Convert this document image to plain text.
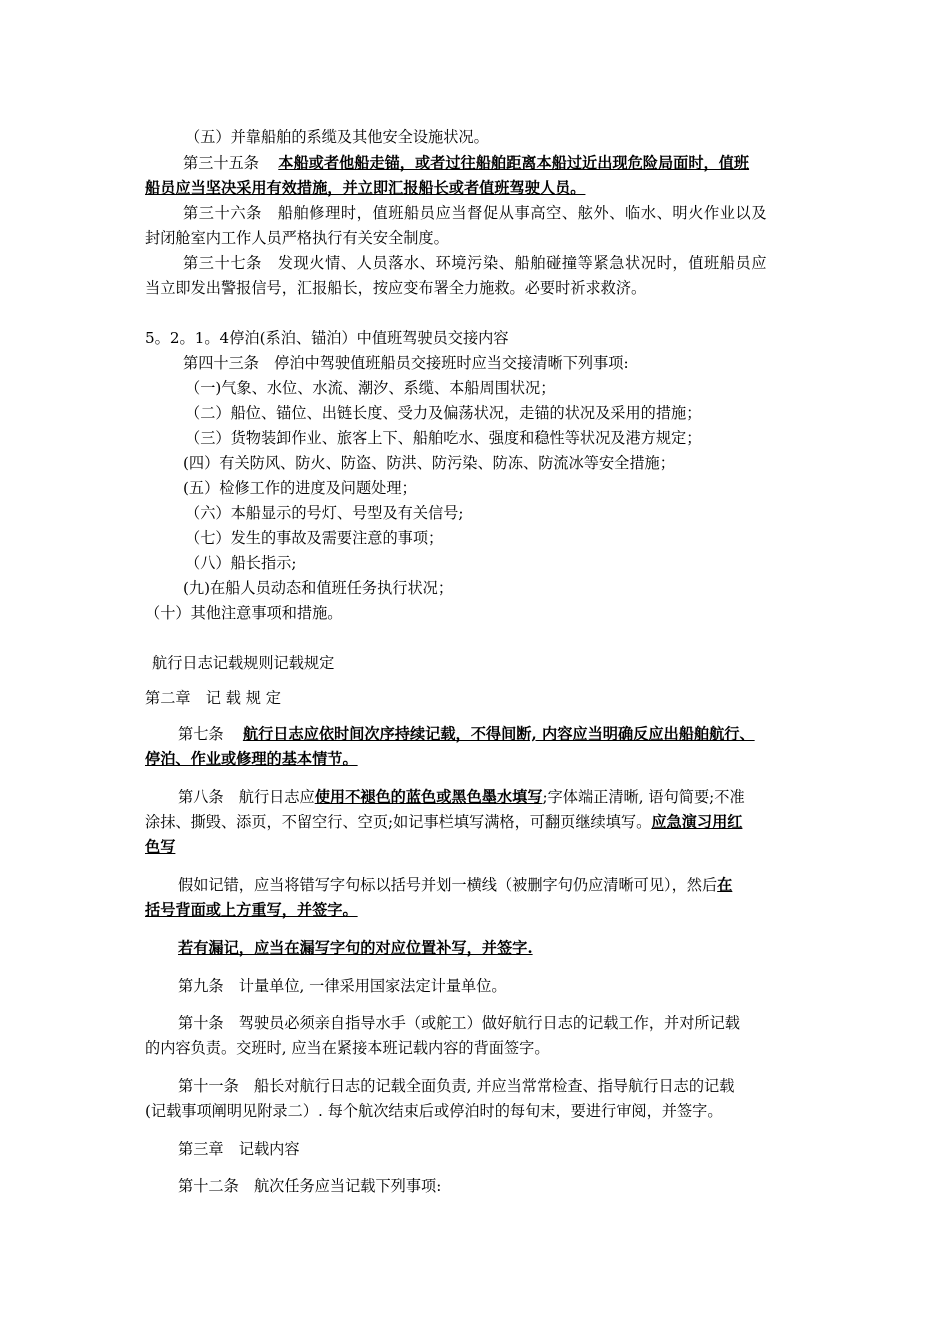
（五）并靠船舶的系缆及其他安全设施状况。
第三十五条 本船或者他船走锚，或者过往船舶距离本船过近出现危险局面时，值班
船员应当坚决采用有效措施，并立即汇报船长或者值班驾驶人员。
第三十六条　船舶修理时，值班船员应当督促从事高空、舷外、临水、明火作业以及
封闭舱室内工作人员严格执行有关安全制度。
第三十七条　发现火情、人员落水、环境污染、船舶碰撞等紧急状况时，值班船员应
当立即发出警报信号，汇报船长，按应变布署全力施救。必要时祈求救济。
5。2。1。4停泊(系泊、锚泊）中值班驾驶员交接内容
第四十三条　停泊中驾驶值班船员交接班时应当交接清晰下列事项:
（一)气象、水位、水流、潮汐、系缆、本船周围状况；
（二）船位、锚位、出链长度、受力及偏荡状况，走锚的状况及采用的措施；
（三）货物装卸作业、旅客上下、船舶吃水、强度和稳性等状况及港方规定；
(四）有关防风、防火、防盗、防洪、防污染、防冻、防流冰等安全措施；
(五）检修工作的进度及问题处理；
（六）本船显示的号灯、号型及有关信号;
（七）发生的事故及需要注意的事项；
（八）船长指示;
(九)在船人员动态和值班任务执行状况；
（十）其他注意事项和措施。
航行日志记载规则记载规定
第二章　记 载 规 定
第七条 航行日志应依时间次序持续记载，不得间断, 内容应当明确反应出船舶航行、
停泊、作业或修理的基本情节。
第八条　航行日志应使用不褪色的蓝色或黑色墨水填写;字体端正清晰, 语句简要;不准
涂抹、撕毁、添页，不留空行、空页;如记事栏填写满格，可翻页继续填写。应急演习用红
色写
假如记错，应当将错写字句标以括号并划一横线（被删字句仍应清晰可见），然后在
括号背面或上方重写，并签字。
若有漏记，应当在漏写字句的对应位置补写，并签字.
第九条　计量单位, 一律采用国家法定计量单位。
第十条　驾驶员必须亲自指导水手（或舵工）做好航行日志的记载工作，并对所记载
的内容负责。交班时, 应当在紧接本班记载内容的背面签字。
第十一条　船长对航行日志的记载全面负责, 并应当常常检查、指导航行日志的记载
(记载事项阐明见附录二）. 每个航次结束后或停泊时的每旬末，要进行审阅，并签字。
第三章　记载内容
第十二条　航次任务应当记载下列事项:
